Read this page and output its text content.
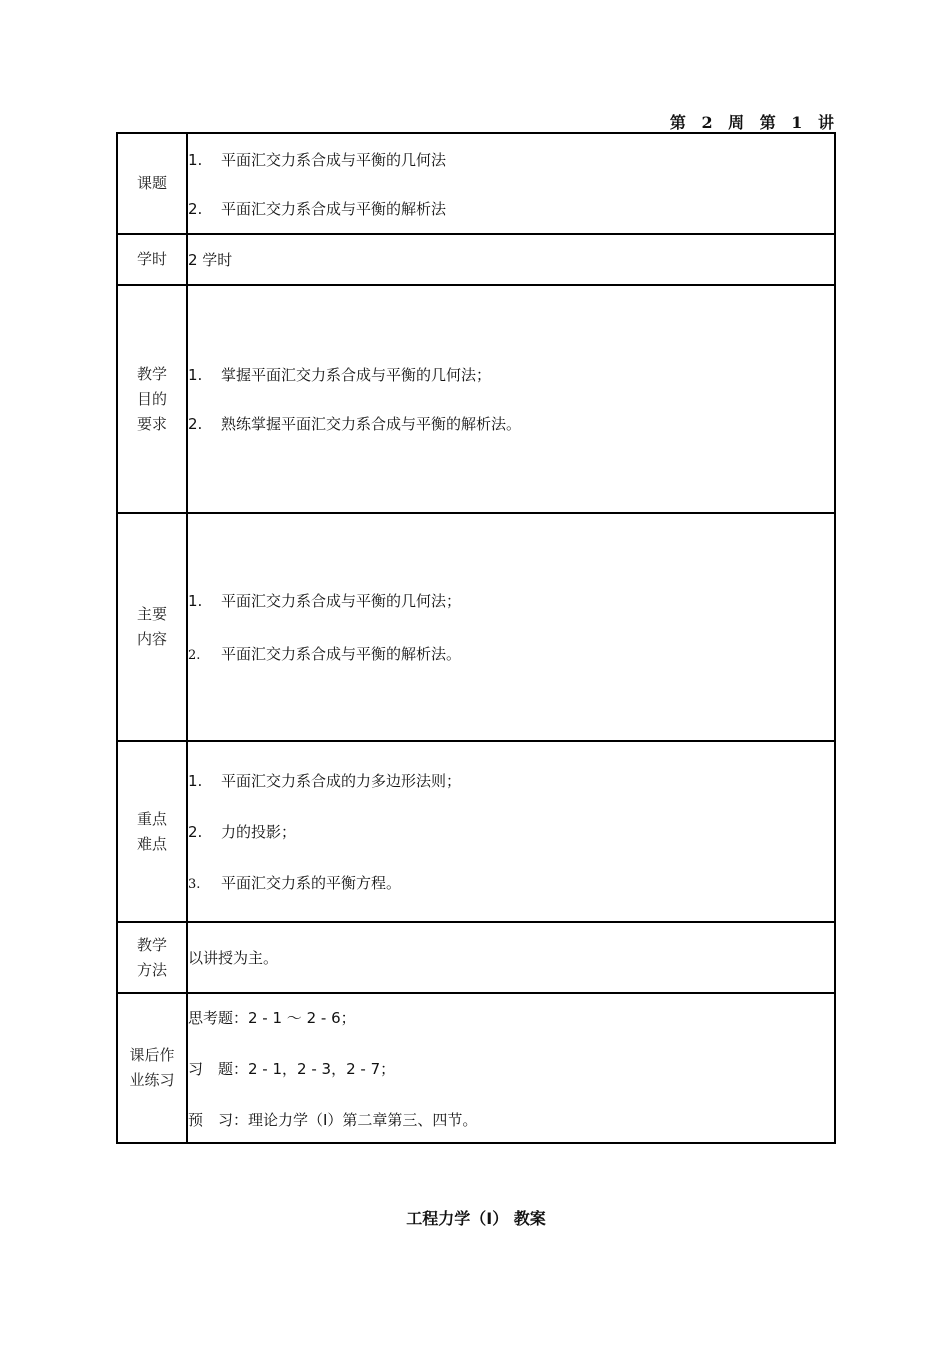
第 2 周 第 1 讲
课题	1. 平面汇交力系合成与平衡的几何法
2. 平面汇交力系合成与平衡的解析法

学时	2 学时

教学
目的
要求	1. 掌握平面汇交力系合成与平衡的几何法；
2. 熟练掌握平面汇交力系合成与平衡的解析法。

主要
内容	1. 平面汇交力系合成与平衡的几何法；
2. 平面汇交力系合成与平衡的解析法。

重点
难点	1. 平面汇交力系合成的力多边形法则；
2. 力的投影；
3. 平面汇交力系的平衡方程。

教学
方法	以讲授为主。

课后作
业练习	思考题：2 - 1 ～ 2 - 6；
习　题：2 - 1，2 - 3，2 - 7；
预　习：理论力学（Ⅰ）第二章第三、四节。
工程力学（Ⅰ） 教案
